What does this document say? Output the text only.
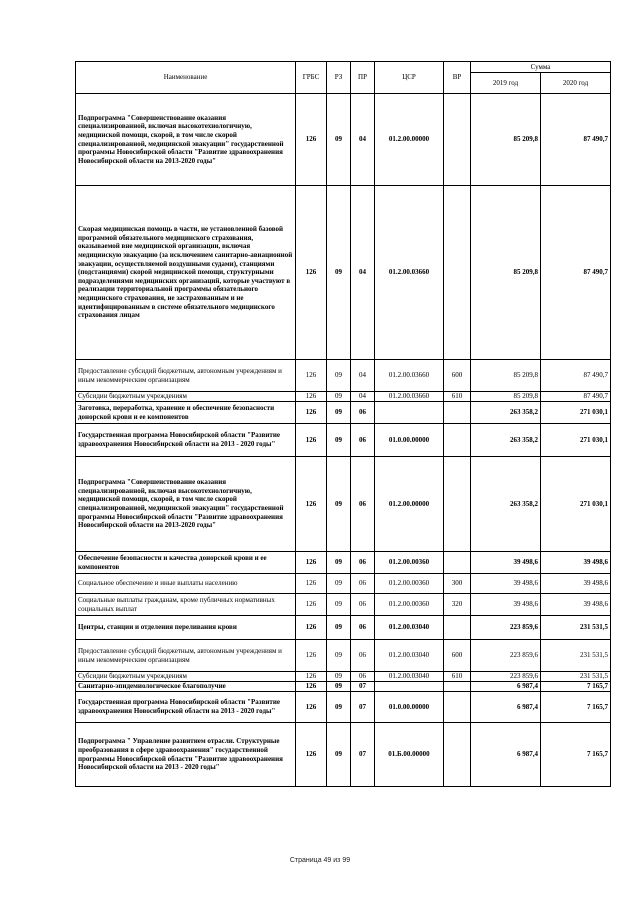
Наименование	ГРБС	РЗ	ПР	ЦСР	ВР	Сумма	
						2019 год	2020 год
Подпрограмма "Совершенствование оказания специализированной, включая высокотехнологичную, медицинской помощи, скорой, в том числе скорой специализированной, медицинской эвакуации" государственной программы Новосибирской области "Развитие здравоохранения Новосибирской области на 2013-2020 годы"	126	09	04	01.2.00.00000		85 209,8	87 490,7
Скорая медицинская помощь в части, не установленной базовой программой обязательного медицинского страхования, оказываемой вне медицинской организации, включая медицинскую эвакуацию (за исключением санитарно-авиационной эвакуации, осуществляемой воздушными судами), станциями (подстанциями) скорой медицинской помощи, структурными подразделениями медицинских организаций, которые участвуют в реализации территориальной программы обязательного медицинского страхования, не застрахованным и не идентифицированным в системе обязательного медицинского страхования лицам	126	09	04	01.2.00.03660		85 209,8	87 490,7
Предоставление субсидий бюджетным, автономным учреждениям и иным некоммерческим организациям	126	09	04	01.2.00.03660	600	85 209,8	87 490,7
Субсидии бюджетным учреждениям	126	09	04	01.2.00.03660	610	85 209,8	87 490,7
Заготовка, переработка, хранение и обеспечение безопасности донорской крови и ее компонентов	126	09	06			263 358,2	271 030,1
Государственная программа Новосибирской области "Развитие здравоохранения Новосибирской области на 2013 - 2020 годы"	126	09	06	01.0.00.00000		263 358,2	271 030,1
Подпрограмма "Совершенствование оказания специализированной, включая высокотехнологичную, медицинской помощи, скорой, в том числе скорой специализированной, медицинской эвакуации" государственной программы Новосибирской области "Развитие здравоохранения Новосибирской области на 2013-2020 годы"	126	09	06	01.2.00.00000		263 358,2	271 030,1
Обеспечение безопасности и качества донорской крови и ее компонентов	126	09	06	01.2.00.00360		39 498,6	39 498,6
Социальное обеспечение и иные выплаты населению	126	09	06	01.2.00.00360	300	39 498,6	39 498,6
Социальные выплаты гражданам, кроме публичных нормативных социальных выплат	126	09	06	01.2.00.00360	320	39 498,6	39 498,6
Центры, станции и отделения переливания крови	126	09	06	01.2.00.03040		223 859,6	231 531,5
Предоставление субсидий бюджетным, автономным учреждениям и иным некоммерческим организациям	126	09	06	01.2.00.03040	600	223 859,6	231 531,5
Субсидии бюджетным учреждениям	126	09	06	01.2.00.03040	610	223 859,6	231 531,5
Санитарно-эпидемиологическое благополучие	126	09	07			6 987,4	7 165,7
Государственная программа Новосибирской области "Развитие здравоохранения Новосибирской области на 2013 - 2020 годы"	126	09	07	01.0.00.00000		6 987,4	7 165,7
Подпрограмма " Управление развитием отрасли. Структурные преобразования в сфере здравоохранения" государственной программы Новосибирской области "Развитие здравоохранения Новосибирской области на 2013 - 2020 годы"	126	09	07	01.Б.00.00000		6 987,4	7 165,7
Страница 49 из 99
